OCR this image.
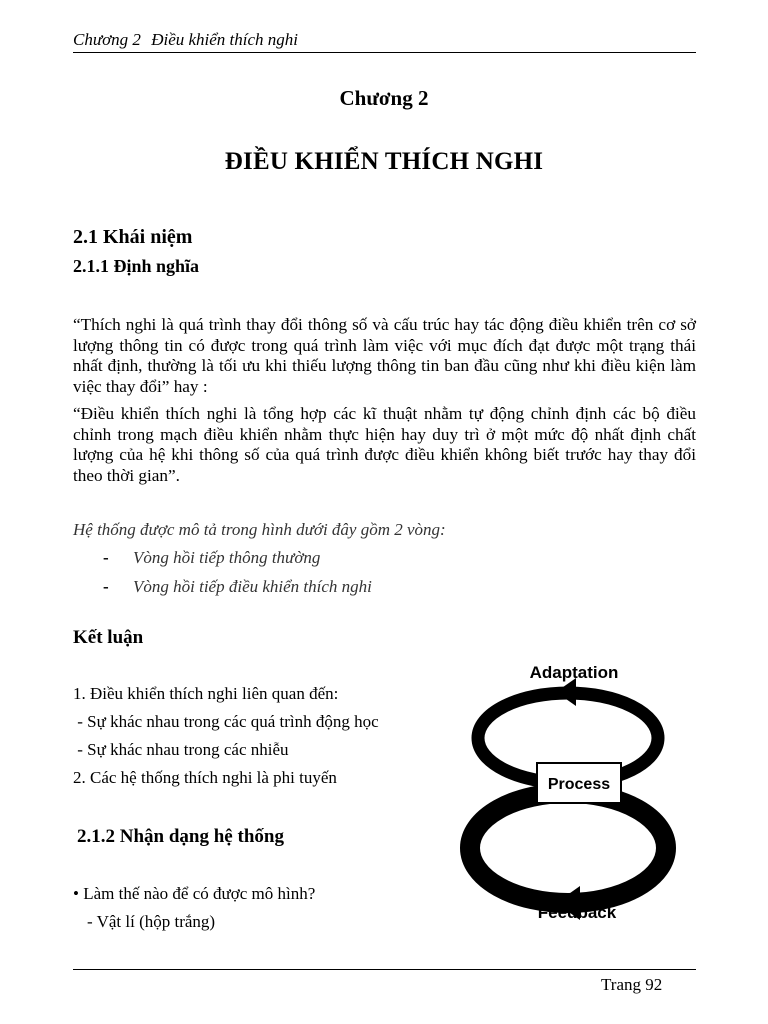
Chương 2 Điều khiển thích nghi
Chương 2
ĐIỀU KHIỂN THÍCH NGHI
2.1 Khái niệm
2.1.1 Định nghĩa
“Thích nghi là quá trình thay đổi thông số và cấu trúc hay tác động điều khiển trên cơ sở lượng thông tin có được trong quá trình làm việc với mục đích đạt được một trạng thái nhất định, thường là tối ưu khi thiếu lượng thông tin ban đầu cũng như khi điều kiện làm việc thay đổi” hay :
“Điều khiển thích nghi là tổng hợp các kĩ thuật nhằm tự động chỉnh định các bộ điều chỉnh trong mạch điều khiển nhằm thực hiện hay duy trì ở một mức độ nhất định chất lượng của hệ khi thông số của quá trình được điều khiển không biết trước hay thay đổi theo thời gian”.
Hệ thống được mô tả trong hình dưới đây gồm 2 vòng:
- Vòng hồi tiếp thông thường
- Vòng hồi tiếp điều khiển thích nghi
Kết luận
1. Điều khiển thích nghi liên quan đến:
- Sự khác nhau trong các quá trình động học
- Sự khác nhau trong các nhiễu
2. Các hệ thống thích nghi là phi tuyến
2.1.2 Nhận dạng hệ thống
• Làm thế nào để có được mô hình?
- Vật lí (hộp trắng)
Adaptation
Process
Feedback
Trang 92
